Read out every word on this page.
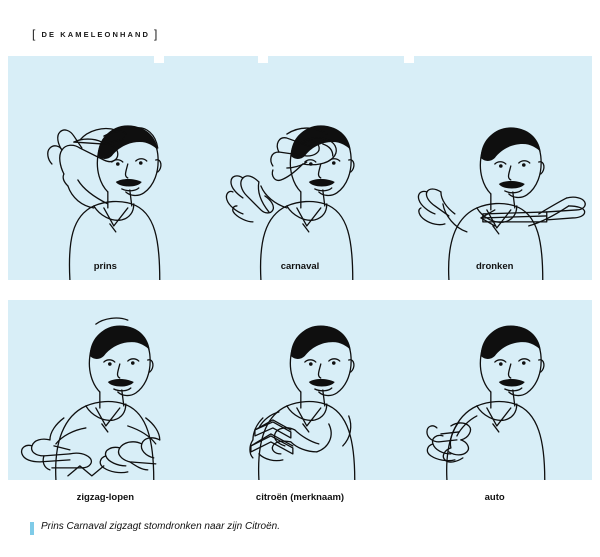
[ DE KAMELEONHAND ]
prins	carnaval	dronken
zigzag-lopen	citroën (merknaam)	auto
Prins Carnaval zigzagt stomdronken naar zijn Citroën.
